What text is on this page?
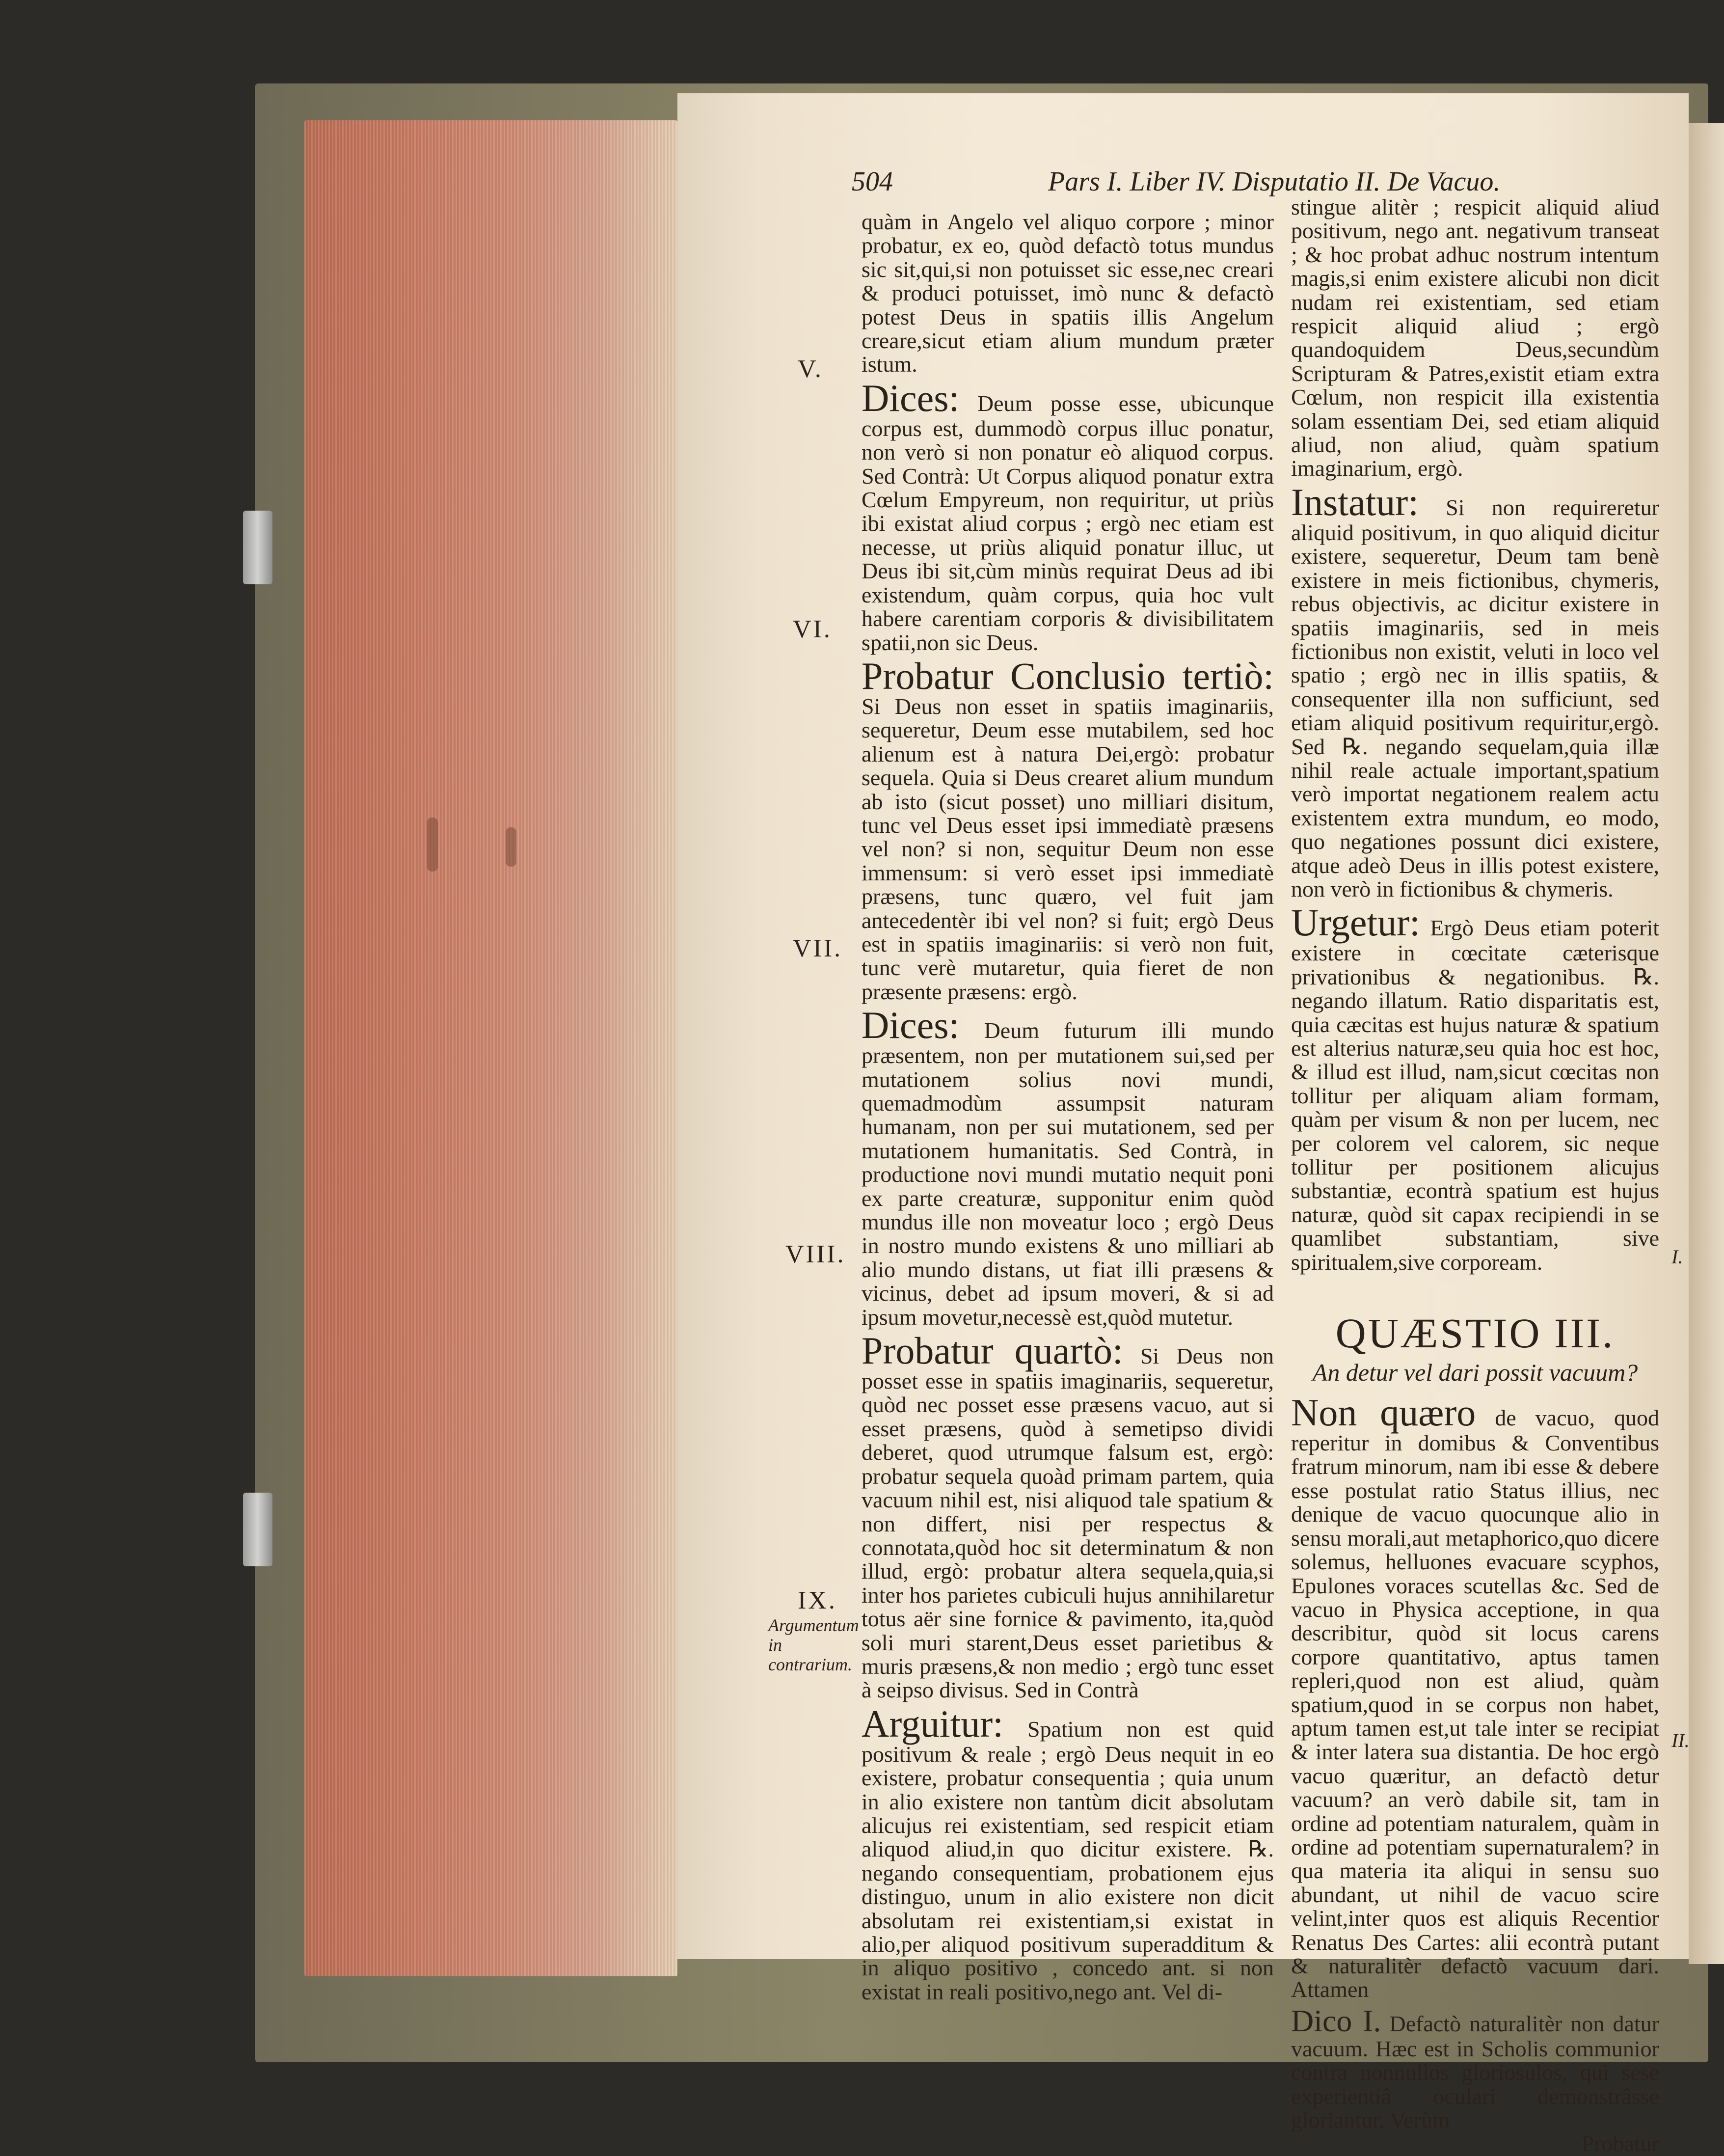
504	Pars I. Liber IV. Disputatio II. De Vacuo.
V.
VI.
VII.
VIII.
IX.
Argumentum in contrarium.
I.
II.
quàm in Angelo vel aliquo corpore ; minor probatur, ex eo, quòd defactò totus mundus sic sit,qui,si non potuisset sic esse,nec creari & produci potuisset, imò nunc & defactò potest Deus in spatiis illis Angelum creare,sicut etiam alium mundum præter istum.
Dices: Deum posse esse, ubicunque corpus est, dummodò corpus illuc ponatur, non verò si non ponatur eò aliquod corpus. Sed Contrà: Ut Corpus aliquod ponatur extra Cœlum Empyreum, non requiritur, ut priùs ibi existat aliud corpus ; ergò nec etiam est necesse, ut priùs aliquid ponatur illuc, ut Deus ibi sit,cùm minùs requirat Deus ad ibi existendum, quàm corpus, quia hoc vult habere carentiam corporis & divisibilitatem spatii,non sic Deus.
Probatur Conclusio tertiò: Si Deus non esset in spatiis imaginariis, sequeretur, Deum esse mutabilem, sed hoc alienum est à natura Dei,ergò: probatur sequela. Quia si Deus crearet alium mundum ab isto (sicut posset) uno milliari disitum, tunc vel Deus esset ipsi immediatè præsens vel non? si non, sequitur Deum non esse immensum: si verò esset ipsi immediatè præsens, tunc quæro, vel fuit jam antecedentèr ibi vel non? si fuit; ergò Deus est in spatiis imaginariis: si verò non fuit, tunc verè mutaretur, quia fieret de non præsente præsens: ergò.
Dices: Deum futurum illi mundo præsentem, non per mutationem sui,sed per mutationem solius novi mundi, quemadmodùm assumpsit naturam humanam, non per sui mutationem, sed per mutationem humanitatis. Sed Contrà, in productione novi mundi mutatio nequit poni ex parte creaturæ, supponitur enim quòd mundus ille non moveatur loco ; ergò Deus in nostro mundo existens & uno milliari ab alio mundo distans, ut fiat illi præsens & vicinus, debet ad ipsum moveri, & si ad ipsum movetur,necessè est,quòd mutetur.
Probatur quartò: Si Deus non posset esse in spatiis imaginariis, sequeretur, quòd nec posset esse præsens vacuo, aut si esset præsens, quòd à semetipso dividi deberet, quod utrumque falsum est, ergò: probatur sequela quoàd primam partem, quia vacuum nihil est, nisi aliquod tale spatium & non differt, nisi per respectus & connotata,quòd hoc sit determinatum & non illud, ergò: probatur altera sequela,quia,si inter hos parietes cubiculi hujus annihilaretur totus aër sine fornice & pavimento, ita,quòd soli muri starent,Deus esset parietibus & muris præsens,& non medio ; ergò tunc esset à seipso divisus. Sed in Contrà
Arguitur: Spatium non est quid positivum & reale ; ergò Deus nequit in eo existere, probatur consequentia ; quia unum in alio existere non tantùm dicit absolutam alicujus rei existentiam, sed respicit etiam aliquod aliud,in quo dicitur existere. ℞. negando consequentiam, probationem ejus distinguo, unum in alio existere non dicit absolutam rei existentiam,si existat in alio,per aliquod positivum superadditum & in aliquo positivo , concedo ant. si non existat in reali positivo,nego ant. Vel di-
stingue alitèr ; respicit aliquid aliud positivum, nego ant. negativum transeat ; & hoc probat adhuc nostrum intentum magis,si enim existere alicubi non dicit nudam rei existentiam, sed etiam respicit aliquid aliud ; ergò quandoquidem Deus,secundùm Scripturam & Patres,existit etiam extra Cœlum, non respicit illa existentia solam essentiam Dei, sed etiam aliquid aliud, non aliud, quàm spatium imaginarium, ergò.
Instatur: Si non requireretur aliquid positivum, in quo aliquid dicitur existere, sequeretur, Deum tam benè existere in meis fictionibus, chymeris, rebus objectivis, ac dicitur existere in spatiis imaginariis, sed in meis fictionibus non existit, veluti in loco vel spatio ; ergò nec in illis spatiis, & consequenter illa non sufficiunt, sed etiam aliquid positivum requiritur,ergò. Sed ℞. negando sequelam,quia illæ nihil reale actuale important,spatium verò importat negationem realem actu existentem extra mundum, eo modo, quo negationes possunt dici existere, atque adeò Deus in illis potest existere, non verò in fictionibus & chymeris.
Urgetur: Ergò Deus etiam poterit existere in cœcitate cæterisque privationibus & negationibus. ℞. negando illatum. Ratio disparitatis est, quia cæcitas est hujus naturæ & spatium est alterius naturæ,seu quia hoc est hoc, & illud est illud, nam,sicut cœcitas non tollitur per aliquam aliam formam, quàm per visum & non per lucem, nec per colorem vel calorem, sic neque tollitur per positionem alicujus substantiæ, econtrà spatium est hujus naturæ, quòd sit capax recipiendi in se quamlibet substantiam, sive spiritualem,sive corpoream.
QUÆSTIO III.
An detur vel dari possit vacuum?
Non quæro de vacuo, quod reperitur in domibus & Conventibus fratrum minorum, nam ibi esse & debere esse postulat ratio Status illius, nec denique de vacuo quocunque alio in sensu morali,aut metaphorico,quo dicere solemus, helluones evacuare scyphos, Epulones voraces scutellas &c. Sed de vacuo in Physica acceptione, in qua describitur, quòd sit locus carens corpore quantitativo, aptus tamen repleri,quod non est aliud, quàm spatium,quod in se corpus non habet, aptum tamen est,ut tale inter se recipiat & inter latera sua distantia. De hoc ergò vacuo quæritur, an defactò detur vacuum? an verò dabile sit, tam in ordine ad potentiam naturalem, quàm in ordine ad potentiam supernaturalem? in qua materia ita aliqui in sensu suo abundant, ut nihil de vacuo scire velint,inter quos est aliquis Recentior Renatus Des Cartes: alii econtrà putant & naturalitèr defactò vacuum dari. Attamen
Dico I. Defactò naturalitèr non datur vacuum. Hæc est in Scholis communior contra nonnullos gloriosulos, qui sese experientiâ oculari demonstrâsse gloriantur. Verùm
Probatur
